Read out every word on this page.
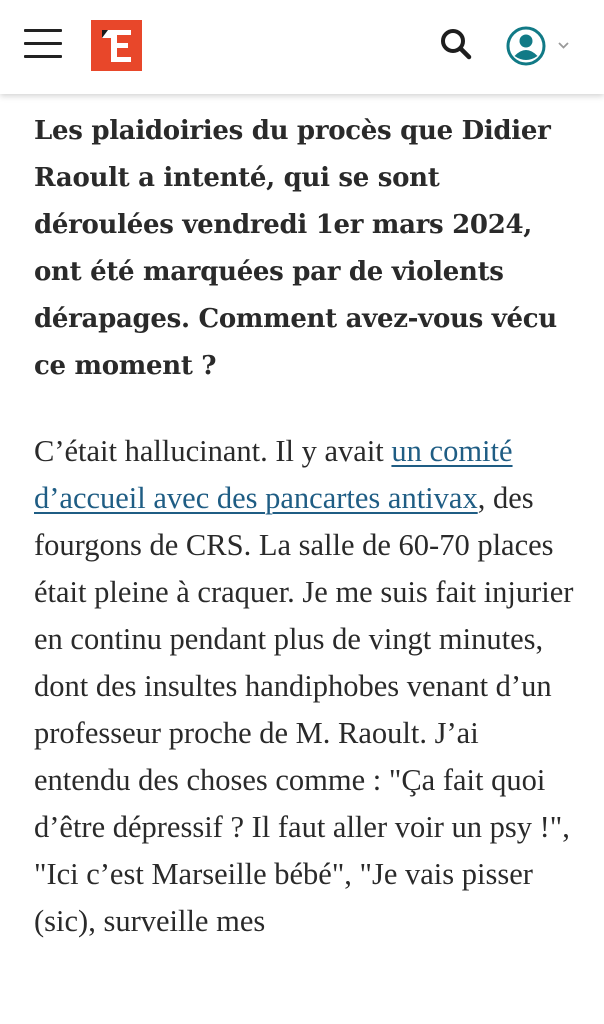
Les plaidoiries du procès que Didier Raoult a intenté, qui se sont déroulées vendredi 1er mars 2024, ont été marquées par de violents dérapages. Comment avez-vous vécu ce moment ?

C’était hallucinant. Il y avait un comité d’accueil avec des pancartes antivax, des fourgons de CRS. La salle de 60-70 places était pleine à craquer. Je me suis fait injurier en continu pendant plus de vingt minutes, dont des insultes handiphobes venant d’un professeur proche de M. Raoult. J’ai entendu des choses comme : "Ça fait quoi d’être dépressif ? Il faut aller voir un psy !", "Ici c’est Marseille bébé", "Je vais pisser (sic), surveille mes
